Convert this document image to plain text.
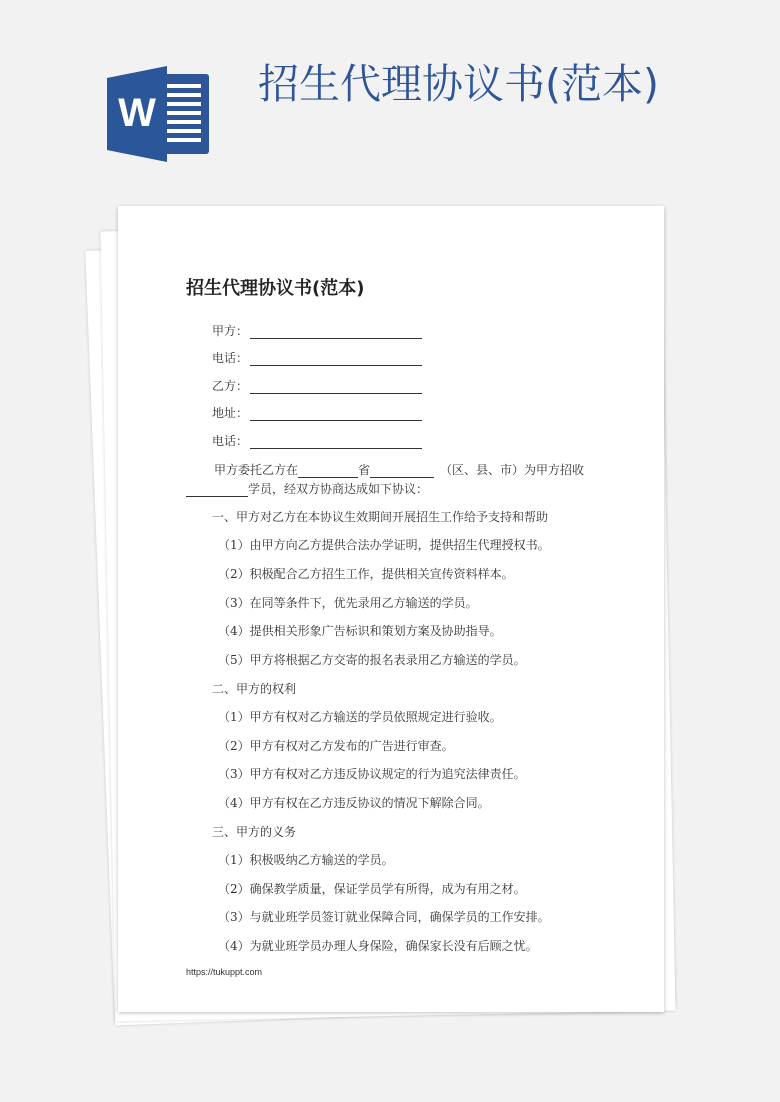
W
招生代理协议书(范本)
招生代理协议书(范本)
甲方：
电话：
乙方：
地址：
电话：
甲方委托乙方在	省	（区、县、市）为甲方招收
学员，经双方协商达成如下协议：
一、甲方对乙方在本协议生效期间开展招生工作给予支持和帮助
（1）由甲方向乙方提供合法办学证明，提供招生代理授权书。
（2）积极配合乙方招生工作，提供相关宣传资料样本。
（3）在同等条件下，优先录用乙方输送的学员。
（4）提供相关形象广告标识和策划方案及协助指导。
（5）甲方将根据乙方交寄的报名表录用乙方输送的学员。
二、甲方的权利
（1）甲方有权对乙方输送的学员依照规定进行验收。
（2）甲方有权对乙方发布的广告进行审查。
（3）甲方有权对乙方违反协议规定的行为追究法律责任。
（4）甲方有权在乙方违反协议的情况下解除合同。
三、甲方的义务
（1）积极吸纳乙方输送的学员。
（2）确保教学质量，保证学员学有所得，成为有用之材。
（3）与就业班学员签订就业保障合同，确保学员的工作安排。
（4）为就业班学员办理人身保险，确保家长没有后顾之忧。
https://tukuppt.com
